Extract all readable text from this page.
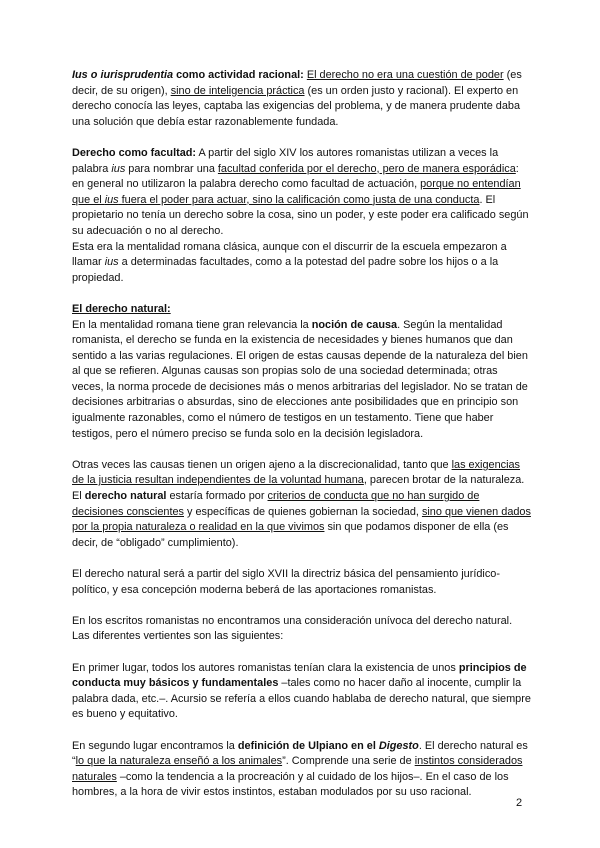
Ius o iurisprudentia como actividad racional: El derecho no era una cuestión de poder (es decir, de su origen), sino de inteligencia práctica (es un orden justo y racional). El experto en derecho conocía las leyes, captaba las exigencias del problema, y de manera prudente daba una solución que debía estar razonablemente fundada.

Derecho como facultad: A partir del siglo XIV los autores romanistas utilizan a veces la palabra ius para nombrar una facultad conferida por el derecho, pero de manera esporádica: en general no utilizaron la palabra derecho como facultad de actuación, porque no entendían que el ius fuera el poder para actuar, sino la calificación como justa de una conducta. El propietario no tenía un derecho sobre la cosa, sino un poder, y este poder era calificado según su adecuación o no al derecho.

Esta era la mentalidad romana clásica, aunque con el discurrir de la escuela empezaron a llamar ius a determinadas facultades, como a la potestad del padre sobre los hijos o a la propiedad.

El derecho natural:

En la mentalidad romana tiene gran relevancia la noción de causa. Según la mentalidad romanista, el derecho se funda en la existencia de necesidades y bienes humanos que dan sentido a las varias regulaciones. El origen de estas causas depende de la naturaleza del bien al que se refieren. Algunas causas son propias solo de una sociedad determinada; otras veces, la norma procede de decisiones más o menos arbitrarias del legislador. No se tratan de decisiones arbitrarias o absurdas, sino de elecciones ante posibilidades que en principio son igualmente razonables, como el número de testigos en un testamento. Tiene que haber testigos, pero el número preciso se funda solo en la decisión legisladora.

Otras veces las causas tienen un origen ajeno a la discrecionalidad, tanto que las exigencias de la justicia resultan independientes de la voluntad humana, parecen brotar de la naturaleza. El derecho natural estaría formado por criterios de conducta que no han surgido de decisiones conscientes y específicas de quienes gobiernan la sociedad, sino que vienen dados por la propia naturaleza o realidad en la que vivimos sin que podamos disponer de ella (es decir, de “obligado” cumplimiento).

El derecho natural será a partir del siglo XVII la directriz básica del pensamiento jurídico-político, y esa concepción moderna beberá de las aportaciones romanistas.

En los escritos romanistas no encontramos una consideración unívoca del derecho natural. Las diferentes vertientes son las siguientes:

En primer lugar, todos los autores romanistas tenían clara la existencia de unos principios de conducta muy básicos y fundamentales –tales como no hacer daño al inocente, cumplir la palabra dada, etc.–. Acursio se refería a ellos cuando hablaba de derecho natural, que siempre es bueno y equitativo.

En segundo lugar encontramos la definición de Ulpiano en el Digesto. El derecho natural es “lo que la naturaleza enseñó a los animales”. Comprende una serie de instintos considerados naturales –como la tendencia a la procreación y al cuidado de los hijos–. En el caso de los hombres, a la hora de vivir estos instintos, estaban modulados por su uso racional.

2
